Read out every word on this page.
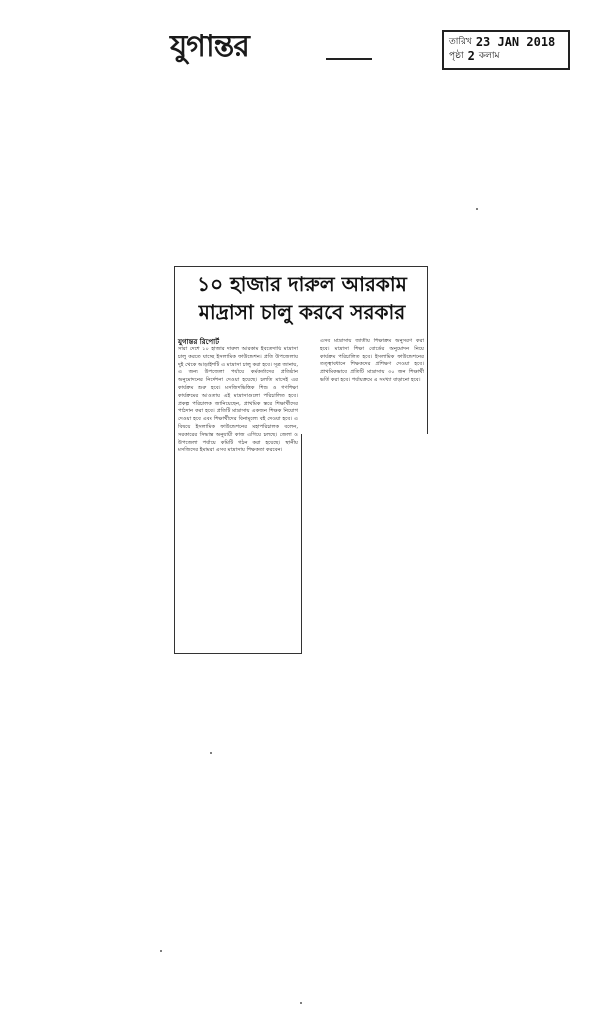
যুগান্তর	তারিখ 23 JAN 2018
পৃষ্ঠা 2 কলাম
১০ হাজার দারুল আরকাম
মাদ্রাসা চালু করবে সরকার
যুগান্তর রিপোর্ট
সারা দেশে ১০ হাজার দারুল আরকাম ইবতেদায়ি মাদ্রাসা চালু করতে যাচ্ছে ইসলামিক ফাউন্ডেশন। প্রতি উপজেলায় দুই থেকে আড়াইশটি এ মাদ্রাসা চালু করা হবে। সূত্র জানায়, এ জন্য উপজেলা পর্যায়ে কর্মকর্তাদের প্রতিষ্ঠান অনুমোদনের নির্দেশনা দেওয়া হয়েছে। চলতি মাসেই এর কার্যক্রম শুরু হবে। মসজিদভিত্তিক শিশু ও গণশিক্ষা কার্যক্রমের আওতায় এই মাদ্রাসাগুলো পরিচালিত হবে। প্রকল্প পরিচালক জানিয়েছেন, প্রাথমিক স্তরে শিক্ষার্থীদের পাঠদান করা হবে। প্রতিটি মাদ্রাসায় একজন শিক্ষক নিয়োগ দেওয়া হবে এবং শিক্ষার্থীদের বিনামূল্যে বই দেওয়া হবে। এ বিষয়ে ইসলামিক ফাউন্ডেশনের মহাপরিচালক বলেন, সরকারের সিদ্ধান্ত অনুযায়ী কাজ এগিয়ে চলছে। জেলা ও উপজেলা পর্যায়ে কমিটি গঠন করা হয়েছে। স্থানীয় মসজিদের ইমামরা এসব মাদ্রাসায় শিক্ষকতা করবেন।
এসব মাদ্রাসায় জাতীয় শিক্ষাক্রম অনুসরণ করা হবে। মাদ্রাসা শিক্ষা বোর্ডের অনুমোদন নিয়ে কার্যক্রম পরিচালিত হবে। ইসলামিক ফাউন্ডেশনের তত্ত্বাবধানে শিক্ষকদের প্রশিক্ষণ দেওয়া হবে। প্রাথমিকভাবে প্রতিটি মাদ্রাসায় ৩০ জন শিক্ষার্থী ভর্তি করা হবে। পর্যায়ক্রমে এ সংখ্যা বাড়ানো হবে।
